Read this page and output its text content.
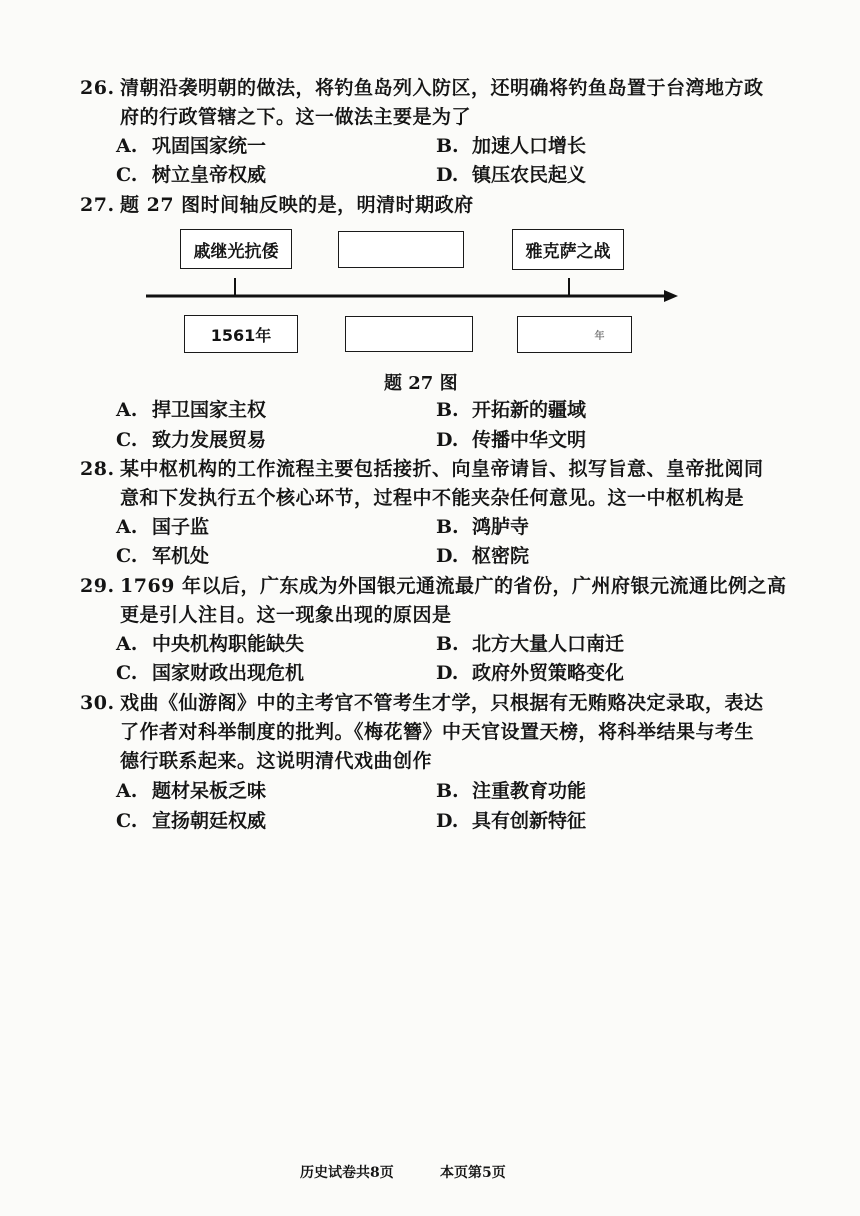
26. 清朝沿袭明朝的做法，将钓鱼岛列入防区，还明确将钓鱼岛置于台湾地方政
府的行政管辖之下。这一做法主要是为了
A. 巩固国家统一	B. 加速人口增长
C. 树立皇帝权威	D. 镇压农民起义
27. 题 27 图时间轴反映的是，明清时期政府
戚继光抗倭	雅克萨之战
1561年	年
题 27 图
A. 捍卫国家主权	B. 开拓新的疆域
C. 致力发展贸易	D. 传播中华文明
28. 某中枢机构的工作流程主要包括接折、向皇帝请旨、拟写旨意、皇帝批阅同
意和下发执行五个核心环节，过程中不能夹杂任何意见。这一中枢机构是
A. 国子监	B. 鸿胪寺
C. 军机处	D. 枢密院
29. 1769 年以后，广东成为外国银元通流最广的省份，广州府银元流通比例之高
更是引人注目。这一现象出现的原因是
A. 中央机构职能缺失	B. 北方大量人口南迁
C. 国家财政出现危机	D. 政府外贸策略变化
30. 戏曲《仙游阁》中的主考官不管考生才学，只根据有无贿赂决定录取，表达
了作者对科举制度的批判。《梅花簪》中天官设置天榜，将科举结果与考生
德行联系起来。这说明清代戏曲创作
A. 题材呆板乏味	B. 注重教育功能
C. 宣扬朝廷权威	D. 具有创新特征
历史试卷共8页	本页第5页
